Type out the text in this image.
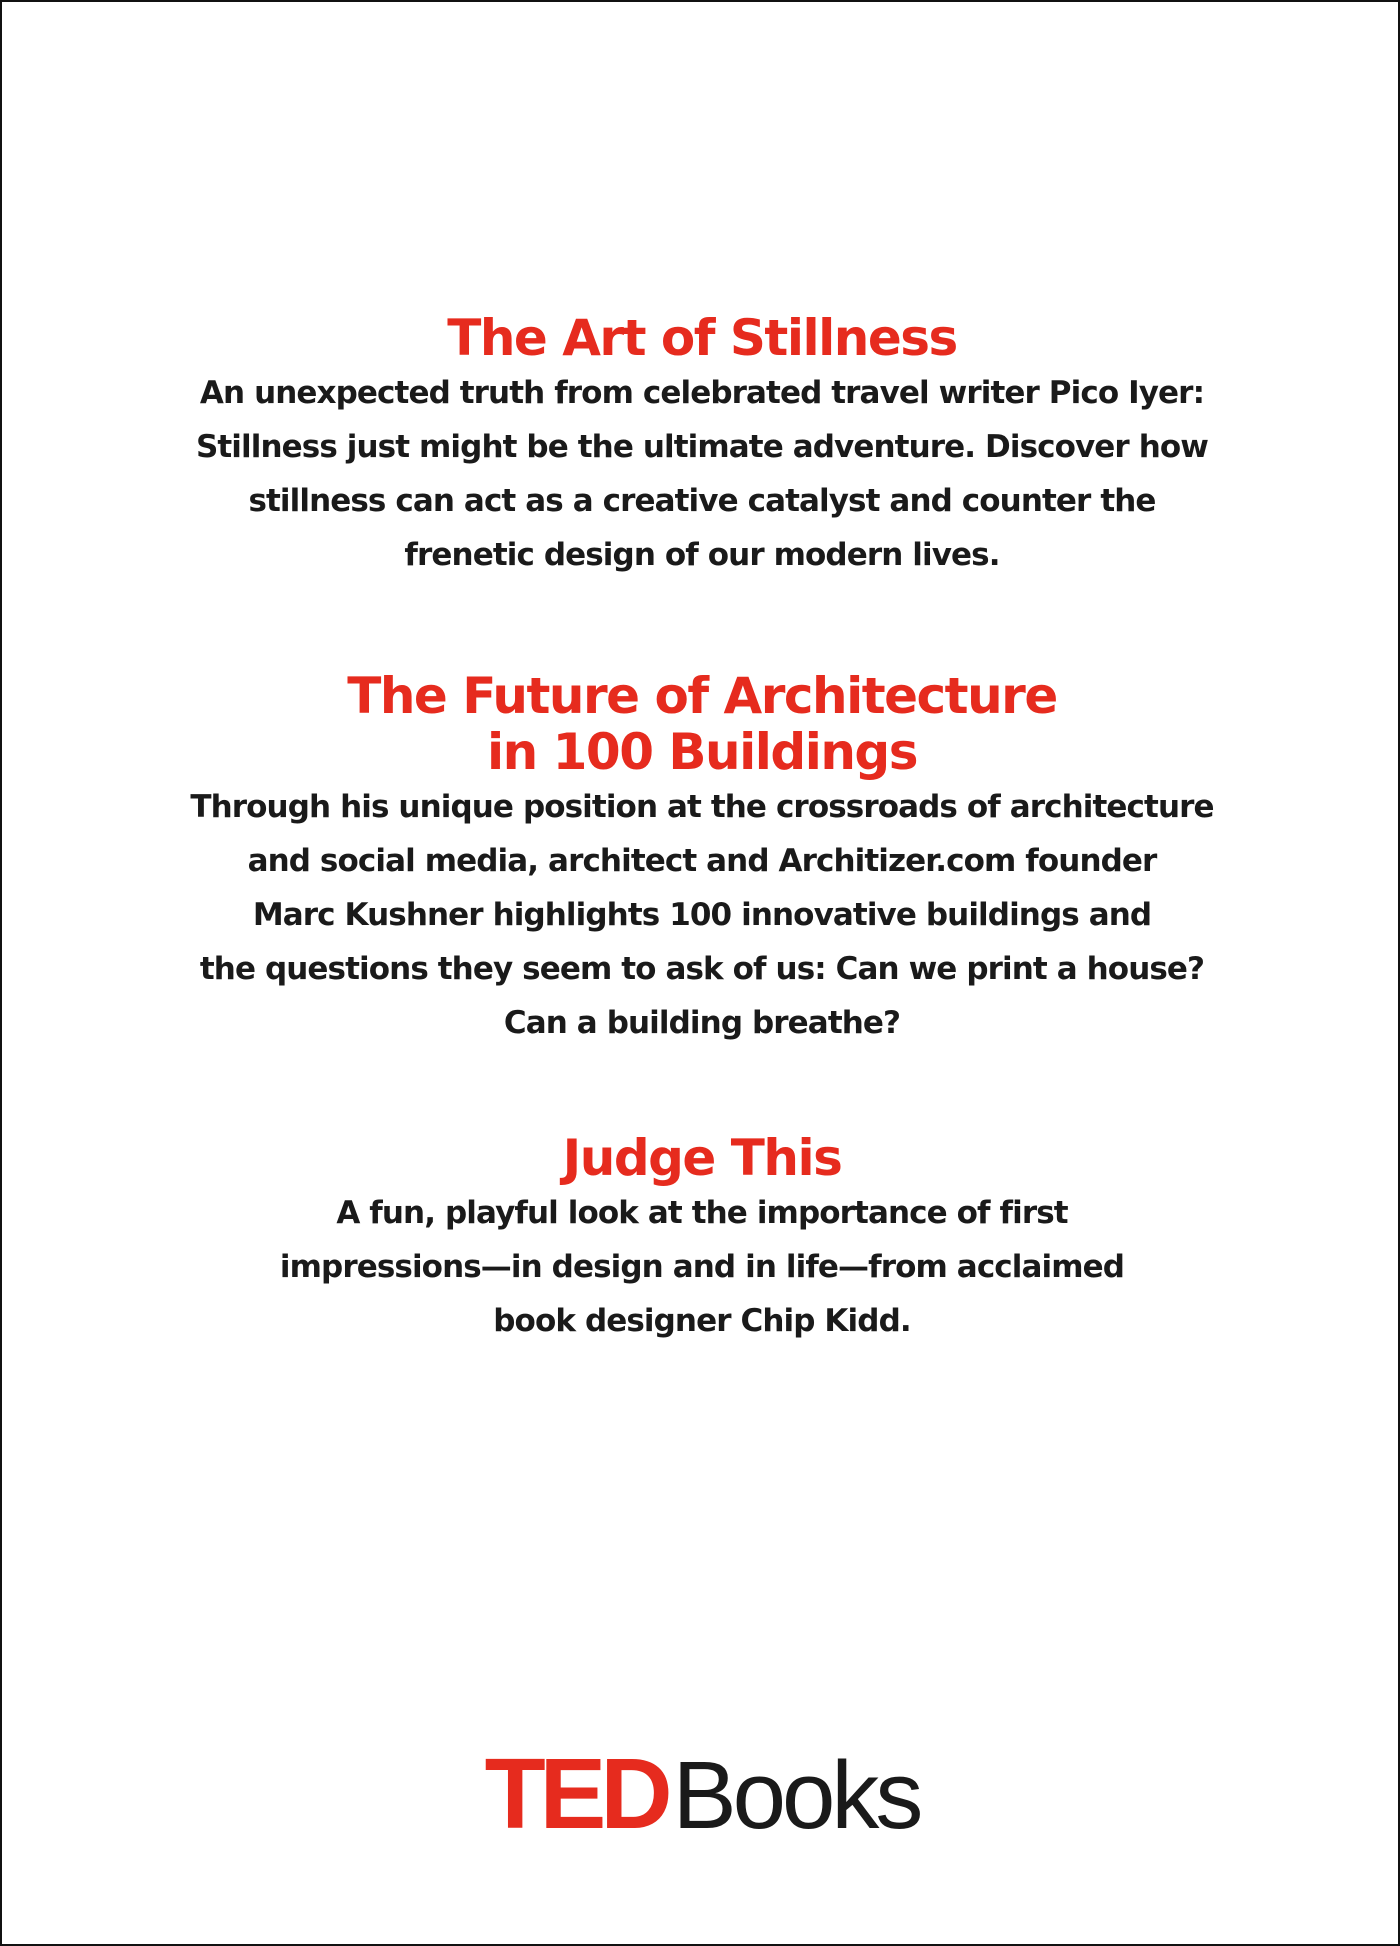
The Art of Stillness

An unexpected truth from celebrated travel writer Pico Iyer:
Stillness just might be the ultimate adventure. Discover how
stillness can act as a creative catalyst and counter the
frenetic design of our modern lives.

The Future of Architecture
in 100 Buildings

Through his unique position at the crossroads of architecture
and social media, architect and Architizer.com founder
Marc Kushner highlights 100 innovative buildings and
the questions they seem to ask of us: Can we print a house?
Can a building breathe?

Judge This

A fun, playful look at the importance of first
impressions—in design and in life—from acclaimed
book designer Chip Kidd.

TEDBooks
